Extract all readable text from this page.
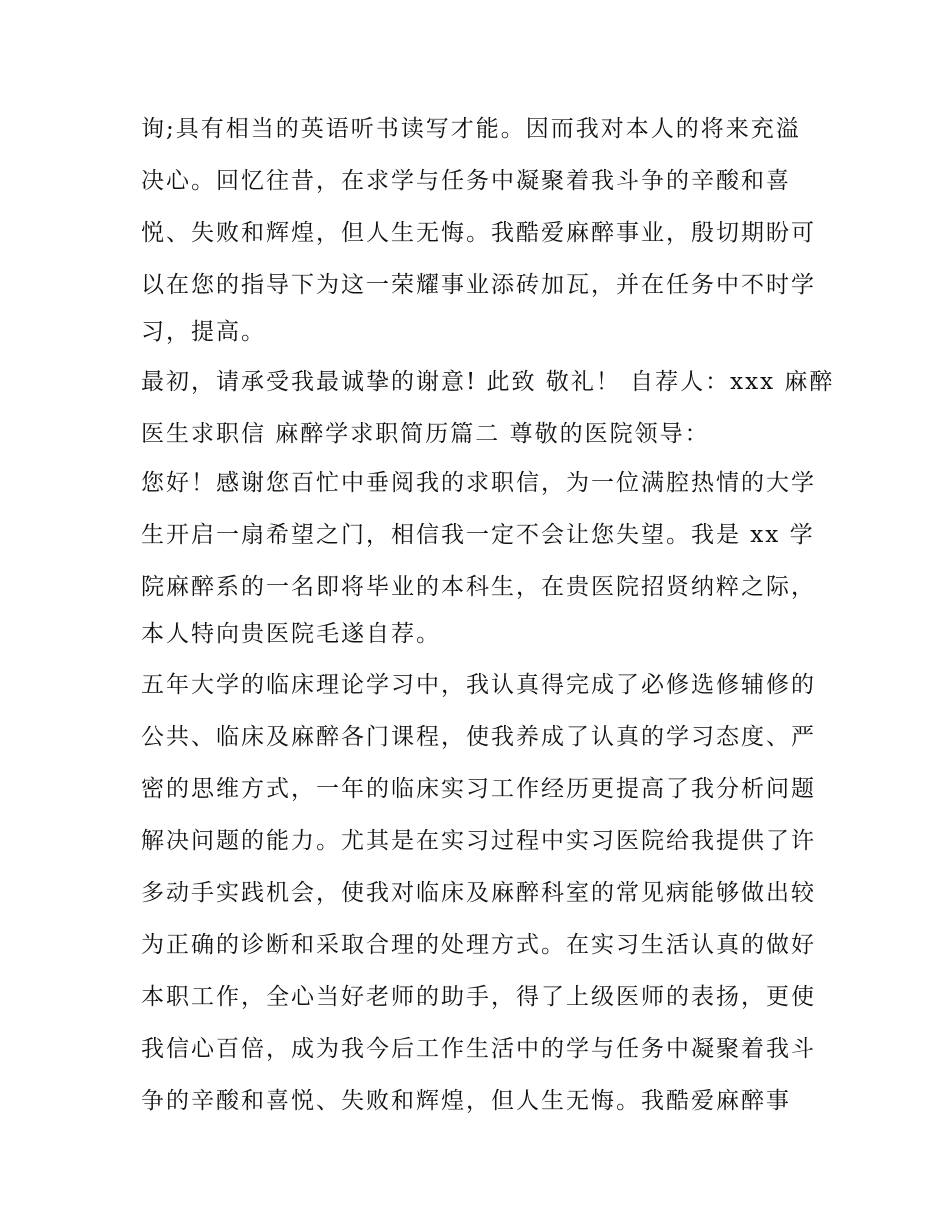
询;具有相当的英语听书读写才能。因而我对本人的将来充溢

决心。回忆往昔，在求学与任务中凝聚着我斗争的辛酸和喜

悦、失败和辉煌，但人生无悔。我酷爱麻醉事业，殷切期盼可

以在您的指导下为这一荣耀事业添砖加瓦，并在任务中不时学

习，提高。

最初，请承受我最诚挚的谢意! 此致 敬礼！ 自荐人：xxx 麻醉

医生求职信 麻醉学求职简历篇二 尊敬的医院领导：

您好！感谢您百忙中垂阅我的求职信，为一位满腔热情的大学

生开启一扇希望之门，相信我一定不会让您失望。我是 xx 学

院麻醉系的一名即将毕业的本科生，在贵医院招贤纳粹之际，

本人特向贵医院毛遂自荐。

五年大学的临床理论学习中，我认真得完成了必修选修辅修的

公共、临床及麻醉各门课程，使我养成了认真的学习态度、严

密的思维方式，一年的临床实习工作经历更提高了我分析问题

解决问题的能力。尤其是在实习过程中实习医院给我提供了许

多动手实践机会，使我对临床及麻醉科室的常见病能够做出较

为正确的诊断和采取合理的处理方式。在实习生活认真的做好

本职工作，全心当好老师的助手，得了上级医师的表扬，更使

我信心百倍，成为我今后工作生活中的学与任务中凝聚着我斗

争的辛酸和喜悦、失败和辉煌，但人生无悔。我酷爱麻醉事
